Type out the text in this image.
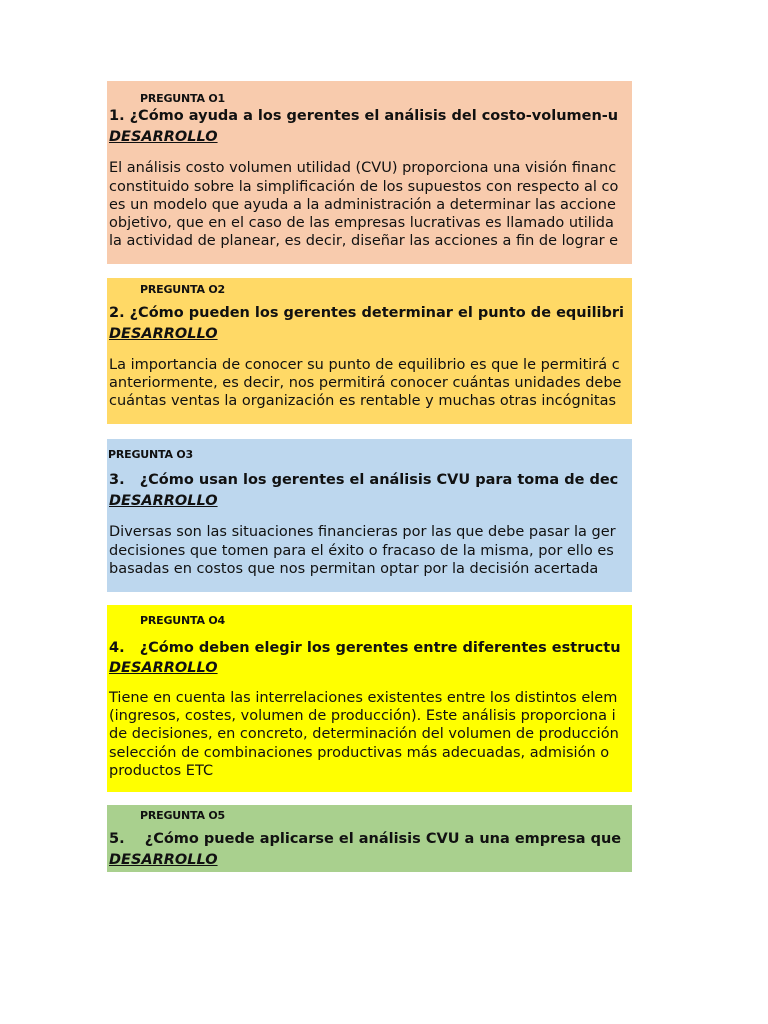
PREGUNTA O1
1. ¿Cómo ayuda a los gerentes el análisis del costo-volumen-u
DESARROLLO
El análisis costo volumen utilidad (CVU) proporciona una visión financ
constituido sobre la simplificación de los supuestos con respecto al co
es un modelo que ayuda a la administración a determinar las accione
objetivo, que en el caso de las empresas lucrativas es llamado utilida
la actividad de planear, es decir, diseñar las acciones a fin de lograr e
PREGUNTA O2
2. ¿Cómo pueden los gerentes determinar el punto de equilibri
DESARROLLO
La importancia de conocer su punto de equilibrio es que le permitirá c
anteriormente, es decir, nos permitirá conocer cuántas unidades debe
cuántas ventas la organización es rentable y muchas otras incógnitas
PREGUNTA O3
3.   ¿Cómo usan los gerentes el análisis CVU para toma de dec
DESARROLLO
Diversas son las situaciones financieras por las que debe pasar la ger
decisiones que tomen para el éxito o fracaso de la misma, por ello es
basadas en costos que nos permitan optar por la decisión acertada
PREGUNTA O4
4.   ¿Cómo deben elegir los gerentes entre diferentes estructu
DESARROLLO
Tiene en cuenta las interrelaciones existentes entre los distintos elem
(ingresos, costes, volumen de producción). Este análisis proporciona i
de decisiones, en concreto, determinación del volumen de producción
selección de combinaciones productivas más adecuadas, admisión o
productos ETC
PREGUNTA O5
5.    ¿Cómo puede aplicarse el análisis CVU a una empresa que
DESARROLLO
